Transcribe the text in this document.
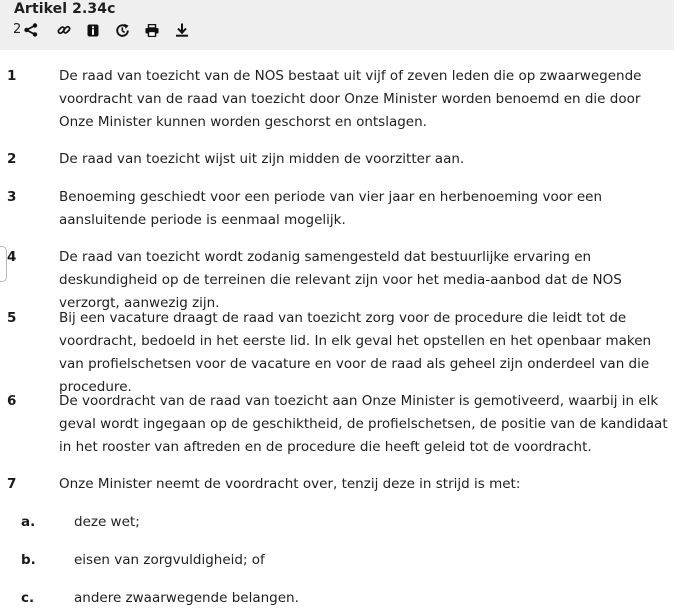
Artikel 2.34c
2
1	De raad van toezicht van de NOS bestaat uit vijf of zeven leden die op zwaarwegende voordracht van de raad van toezicht door Onze Minister worden benoemd en die door Onze Minister kunnen worden geschorst en ontslagen.
2	De raad van toezicht wijst uit zijn midden de voorzitter aan.
3	Benoeming geschiedt voor een periode van vier jaar en herbenoeming voor een aansluitende periode is eenmaal mogelijk.
4	De raad van toezicht wordt zodanig samengesteld dat bestuurlijke ervaring en deskundigheid op de terreinen die relevant zijn voor het media-aanbod dat de NOS verzorgt, aanwezig zijn.
5	Bij een vacature draagt de raad van toezicht zorg voor de procedure die leidt tot de voordracht, bedoeld in het eerste lid. In elk geval het opstellen en het openbaar maken van profielschetsen voor de vacature en voor de raad als geheel zijn onderdeel van die procedure.
6	De voordracht van de raad van toezicht aan Onze Minister is gemotiveerd, waarbij in elk geval wordt ingegaan op de geschiktheid, de profielschetsen, de positie van de kandidaat in het rooster van aftreden en de procedure die heeft geleid tot de voordracht.
7	Onze Minister neemt de voordracht over, tenzij deze in strijd is met:
a.	deze wet;
b.	eisen van zorgvuldigheid; of
c.	andere zwaarwegende belangen.
